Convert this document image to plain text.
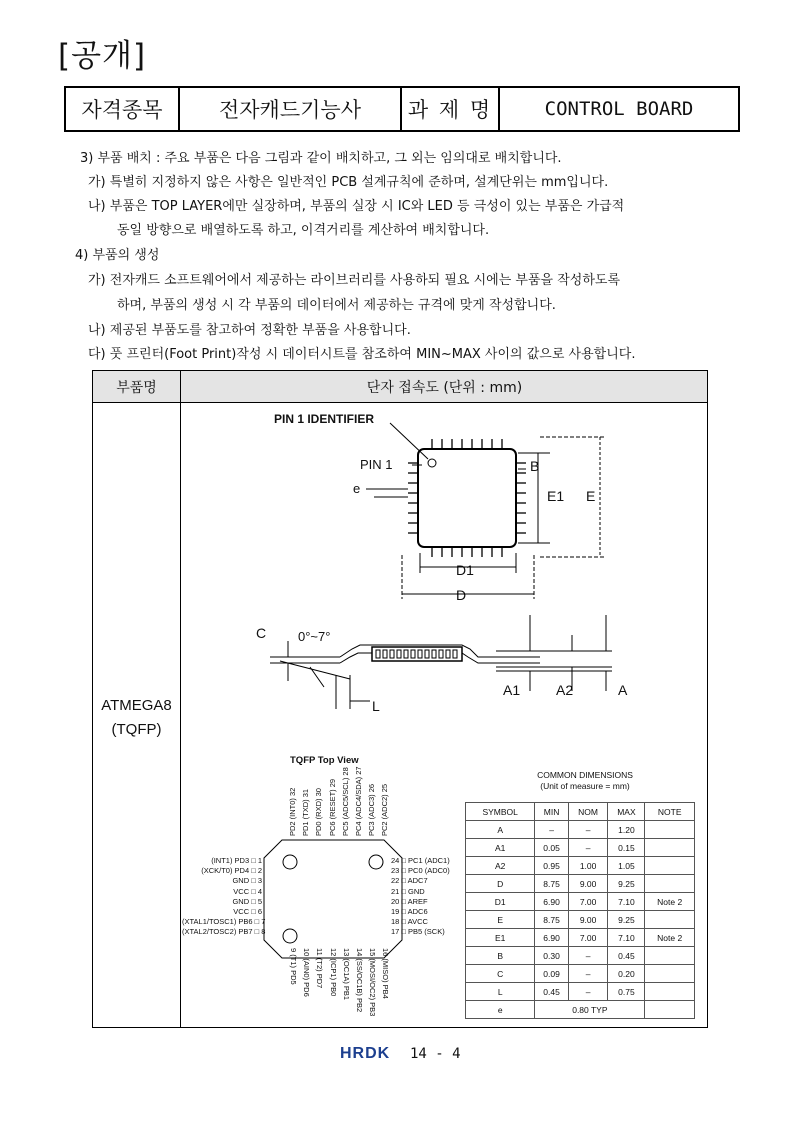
[공개]
자격종목	전자캐드기능사	과 제 명	CONTROL BOARD
3) 부품 배치 : 주요 부품은 다음 그림과 같이 배치하고, 그 외는 임의대로 배치합니다.
가) 특별히 지정하지 않은 사항은 일반적인 PCB 설계규칙에 준하며, 설계단위는 mm입니다.
나) 부품은 TOP LAYER에만 실장하며, 부품의 실장 시 IC와 LED 등 극성이 있는 부품은 가급적
동일 방향으로 배열하도록 하고, 이격거리를 계산하여 배치합니다.
4) 부품의 생성
가) 전자캐드 소프트웨어에서 제공하는 라이브러리를 사용하되 필요 시에는 부품을 작성하도록
하며, 부품의 생성 시 각 부품의 데이터에서 제공하는 규격에 맞게 작성합니다.
나) 제공된 부품도를 참고하여 정확한 부품을 사용합니다.
다) 풋 프린터(Foot Print)작성 시 데이터시트를 참조하여 MIN~MAX 사이의 값으로 사용합니다.
부품명	단자 접속도 (단위 : mm)
ATMEGA8
(TQFP)
PIN 1 IDENTIFIER
PIN 1
e
B
E1 E
D1
D
C 0°~7°
L
A1	A2	A
TQFP Top View
(INT1) PD3 □ 1
(XCK/T0) PD4 □ 2
GND □ 3
VCC □ 4
GND □ 5
VCC □ 6
(XTAL1/TOSC1) PB6 □ 7
(XTAL2/TOSC2) PB7 □ 8
24 □ PC1 (ADC1)
23 □ PC0 (ADC0)
22 □ ADC7
21 □ GND
20 □ AREF
19 □ ADC6
18 □ AVCC
17 □ PB5 (SCK)
PD2 (INT0) 32 PD1 (TXD) 31 PD0 (RXD) 30 PC6 (RESET) 29 PC5 (ADC5/SCL) 28 PC4 (ADC4/SDA) 27 PC3 (ADC3) 26 PC2 (ADC2) 25
9 (T1) PD5 10 (AIN0) PD6 11 (T2) PD7 12 (ICP1) PB0 13 (OC1A) PB1 14 (SS/OC1B) PB2 15 (MOSI/OC2) PB3 16 (MISO) PB4
COMMON DIMENSIONS
(Unit of measure = mm)
SYMBOL	MIN	NOM	MAX	NOTE
A	–	–	1.20	
A1	0.05	–	0.15	
A2	0.95	1.00	1.05	
D	8.75	9.00	9.25	
D1	6.90	7.00	7.10	Note 2
E	8.75	9.00	9.25	
E1	6.90	7.00	7.10	Note 2
B	0.30	–	0.45	
C	0.09	–	0.20	
L	0.45	–	0.75	
e	0.80 TYP			
HRDK 14 - 4
